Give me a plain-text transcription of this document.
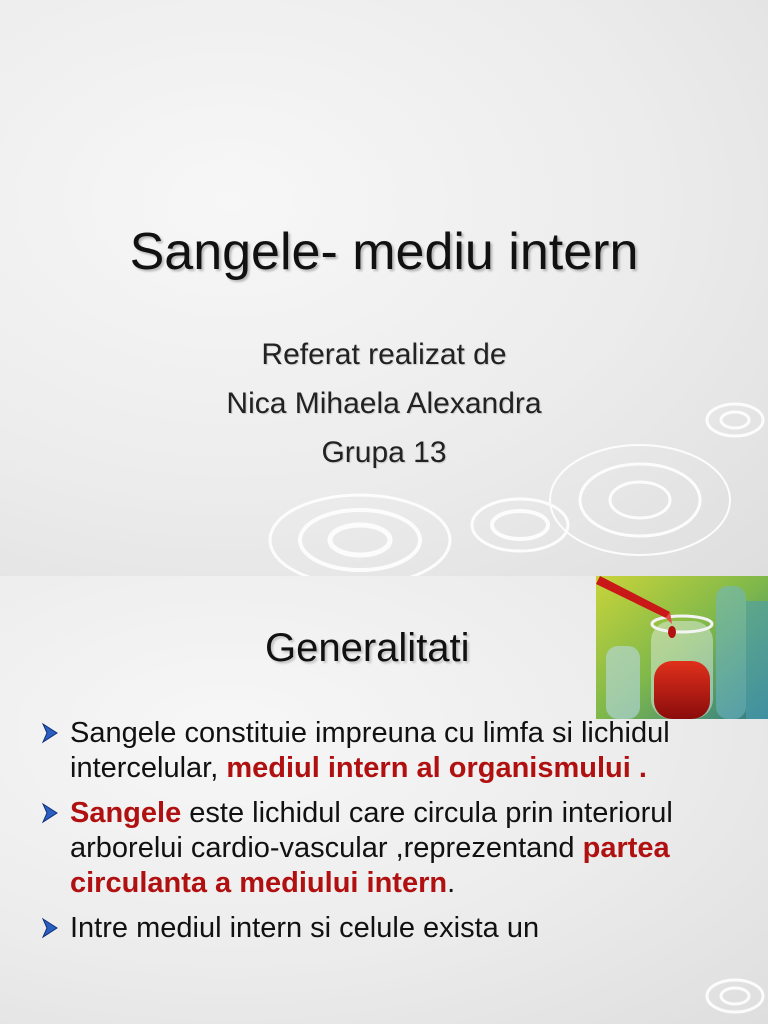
Sangele- mediu intern
Referat realizat de
Nica Mihaela Alexandra
Grupa 13
Generalitati
Sangele constituie impreuna cu limfa si lichidul intercelular, mediul intern al organismului .
Sangele este lichidul care circula prin interiorul arborelui cardio-vascular ,reprezentand partea circulanta a mediului intern.
Intre mediul intern si celule exista un
